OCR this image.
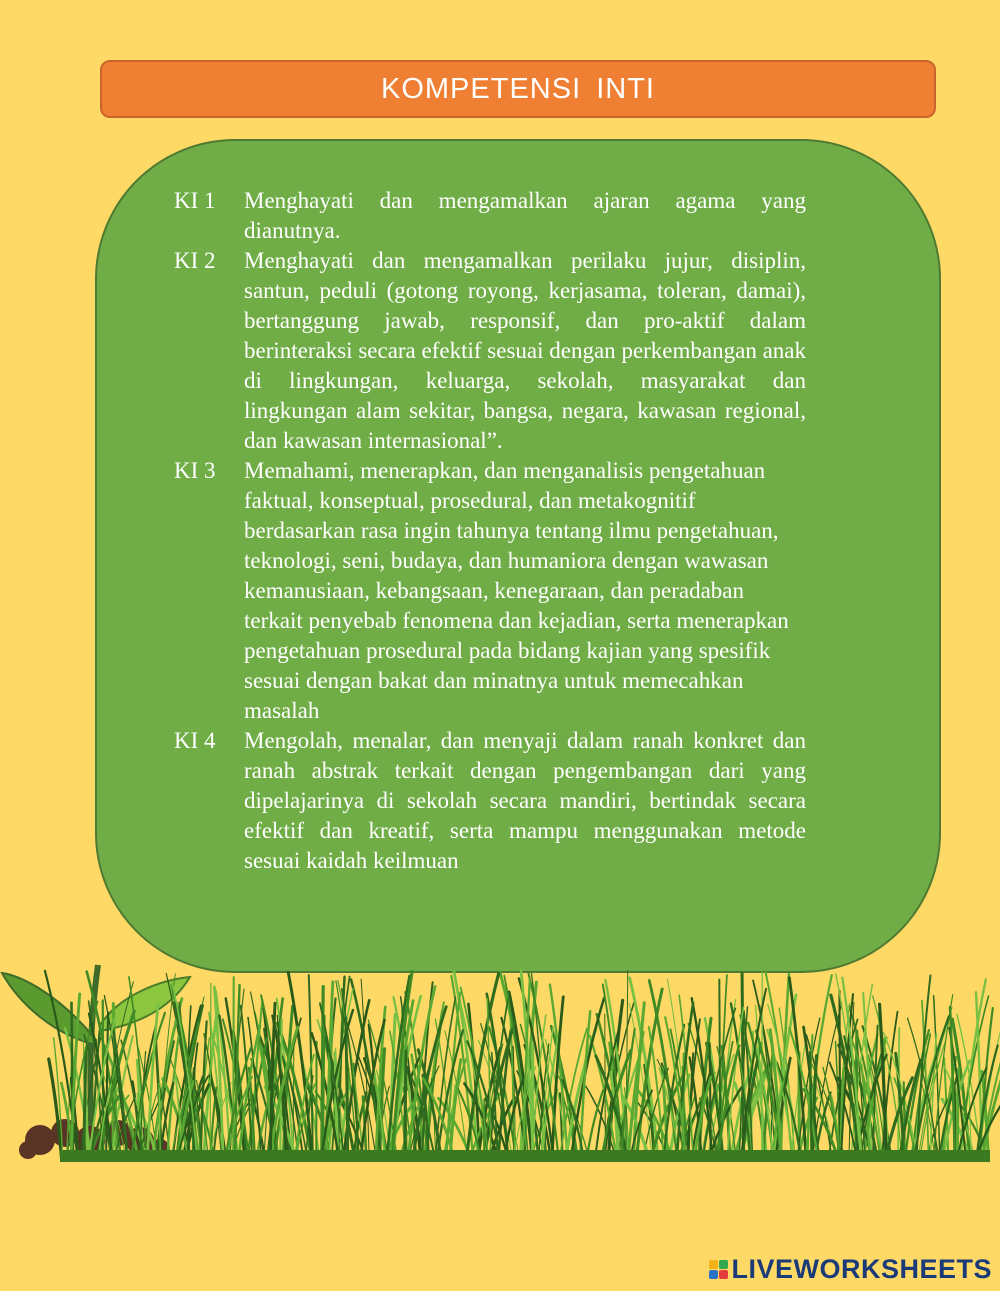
KOMPETENSI INTI
KI 1	Menghayati dan mengamalkan ajaran agama yang dianutnya.
KI 2	Menghayati dan mengamalkan perilaku jujur, disiplin, santun, peduli (gotong royong, kerjasama, toleran, damai), bertanggung jawab, responsif, dan pro-aktif dalam berinteraksi secara efektif sesuai dengan perkembangan anak di lingkungan, keluarga, sekolah, masyarakat dan lingkungan alam sekitar, bangsa, negara, kawasan regional, dan kawasan internasional”.
KI 3	Memahami, menerapkan, dan menganalisis pengetahuan faktual, konseptual, prosedural, dan metakognitif berdasarkan rasa ingin tahunya tentang ilmu pengetahuan, teknologi, seni, budaya, dan humaniora dengan wawasan kemanusiaan, kebangsaan, kenegaraan, dan peradaban terkait penyebab fenomena dan kejadian, serta menerapkan pengetahuan prosedural pada bidang kajian yang spesifik sesuai dengan bakat dan minatnya untuk memecahkan masalah
KI 4	Mengolah, menalar, dan menyaji dalam ranah konkret dan ranah abstrak terkait dengan pengembangan dari yang dipelajarinya di sekolah secara mandiri, bertindak secara efektif dan kreatif, serta mampu menggunakan metode sesuai kaidah keilmuan
LIVEWORKSHEETS
